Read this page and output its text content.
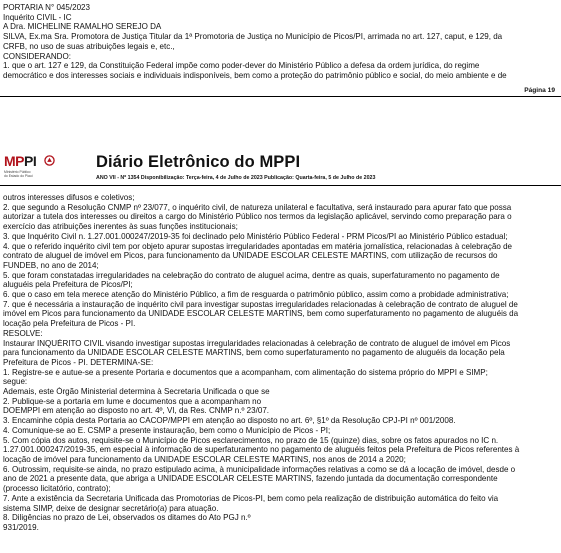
PORTARIA N° 045/2023

Inquérito CIVIL - IC

A Dra. MICHELINE RAMALHO SEREJO DA

SILVA, Ex.ma Sra. Promotora de Justiça Titular da 1ª Promotoria de Justiça no Município de Picos/PI, arrimada no art. 127, caput, e 129, da

CRFB, no uso de suas atribuições legais e, etc.,

CONSIDERANDO:

1. que o art. 127 e 129, da Constituição Federal impõe como poder-dever do Ministério Público a defesa da ordem jurídica, do regime

democrático e dos interesses sociais e individuais indisponíveis, bem como a proteção do patrimônio público e social, do meio ambiente e de

Página 19
MPPI
Ministério Público
do Estado do Piauí
Diário Eletrônico do MPPI
ANO VII - Nº 1354 Disponibilização: Terça-feira, 4 de Julho de 2023 Publicação: Quarta-feira, 5 de Julho de 2023

outros interesses difusos e coletivos;

2. que segundo a Resolução CNMP nº 23/077, o inquérito civil, de natureza unilateral e facultativa, será instaurado para apurar fato que possa

autorizar a tutela dos interesses ou direitos a cargo do Ministério Público nos termos da legislação aplicável, servindo como preparação para o

exercício das atribuições inerentes às suas funções institucionais;

3. que Inquérito Civil n. 1.27.001.000247/2019-35 foi declinado pelo Ministério Público Federal - PRM Picos/PI ao Ministério Público estadual;

4. que o referido inquérito civil tem por objeto apurar supostas irregularidades apontadas em matéria jornalística, relacionadas à celebração de

contrato de aluguel de imóvel em Picos, para funcionamento da UNIDADE ESCOLAR CELESTE MARTINS, com utilização de recursos do

FUNDEB, no ano de 2014;

5. que foram constatadas irregularidades na celebração do contrato de aluguel acima, dentre as quais, superfaturamento no pagamento de

aluguéis pela Prefeitura de Picos/PI;

6. que o caso em tela merece atenção do Ministério Público, a fim de resguarda o patrimônio público, assim como a probidade administrativa;

7. que é necessária a instauração de inquérito civil para investigar supostas irregularidades relacionadas à celebração de contrato de aluguel de

imóvel em Picos para funcionamento da UNIDADE ESCOLAR CELESTE MARTINS, bem como superfaturamento no pagamento de aluguéis da

locação pela Prefeitura de Picos - PI.

RESOLVE:

Instaurar INQUÉRITO CIVIL visando investigar supostas irregularidades relacionadas à celebração de contrato de aluguel de imóvel em Picos

para funcionamento da UNIDADE ESCOLAR CELESTE MARTINS, bem como superfaturamento no pagamento de aluguéis da locação pela

Prefeitura de Picos - PI. DETERMINA-SE:

1. Registre-se e autue-se a presente Portaria e documentos que a acompanham, com alimentação do sistema próprio do MPPI e SIMP;

segue:

Ademais, este Órgão Ministerial determina à Secretaria Unificada o que se

2. Publique-se a portaria em lume e documentos que a acompanham no

DOEMPPI em atenção ao disposto no art. 4º, VI, da Res. CNMP n.º 23/07.

3. Encaminhe cópia desta Portaria ao CACOP/MPPI em atenção ao disposto no art. 6º, §1º da Resolução CPJ-PI nº 001/2008.

4. Comunique-se ao E. CSMP a presente instauração, bem como o Município de Picos - PI;

5. Com cópia dos autos, requisite-se o Município de Picos esclarecimentos, no prazo de 15 (quinze) dias, sobre os fatos apurados no IC n.

1.27.001.000247/2019-35, em especial à informação de superfaturamento no pagamento de aluguéis feitos pela Prefeitura de Picos referentes à

locação de imóvel para funcionamento da UNIDADE ESCOLAR CELESTE MARTINS, nos anos de 2014 a 2020;

6. Outrossim, requisite-se ainda, no prazo estipulado acima, à municipalidade informações relativas a como se dá a locação de imóvel, desde o

ano de 2021 a presente data, que abriga a UNIDADE ESCOLAR CELESTE MARTINS, fazendo juntada da documentação correspondente

(processo licitatório, contrato);

7. Ante a existência da Secretaria Unificada das Promotorias de Picos-PI, bem como pela realização de distribuição automática do feito via

sistema SIMP, deixe de designar secretário(a) para atuação.

8. Diligências no prazo de Lei, observados os ditames do Ato PGJ n.º

931/2019.
